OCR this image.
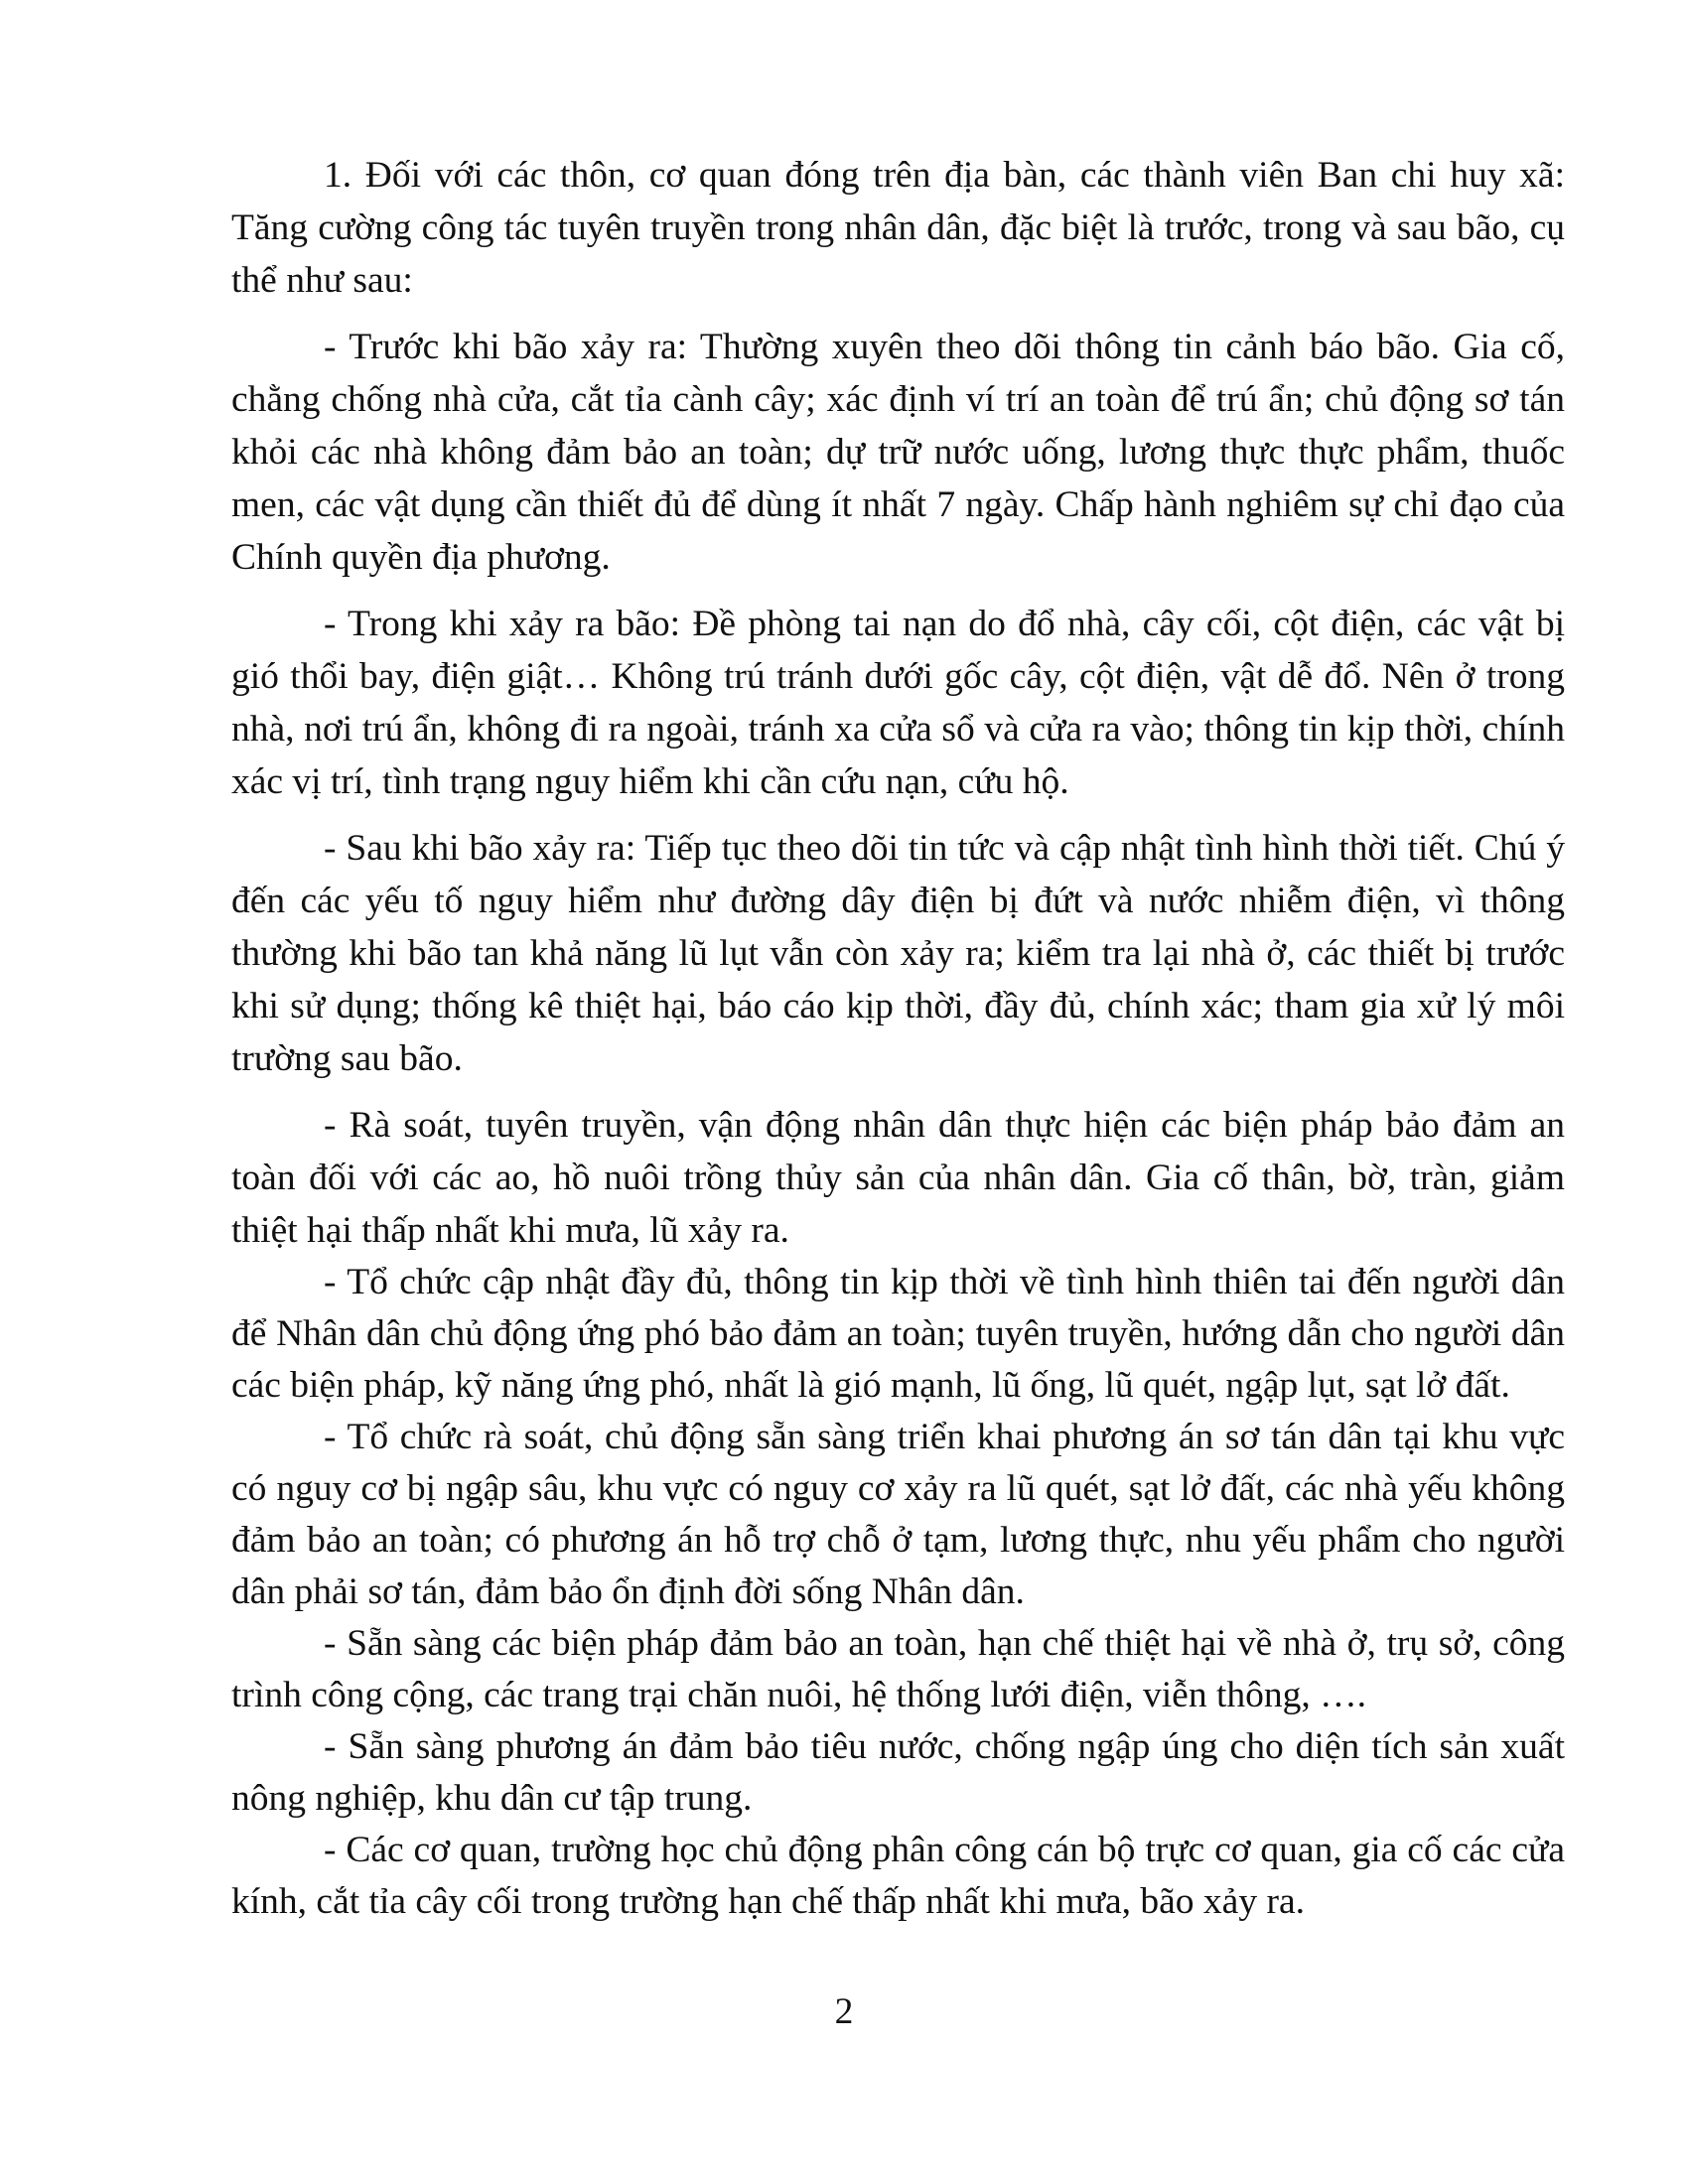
1. Đối với các thôn, cơ quan đóng trên địa bàn, các thành viên Ban chi huy xã: Tăng cường công tác tuyên truyền trong nhân dân, đặc biệt là trước, trong và sau bão, cụ thể như sau:

- Trước khi bão xảy ra: Thường xuyên theo dõi thông tin cảnh báo bão. Gia cố, chằng chống nhà cửa, cắt tỉa cành cây; xác định ví trí an toàn để trú ẩn; chủ động sơ tán khỏi các nhà không đảm bảo an toàn; dự trữ nước uống, lương thực thực phẩm, thuốc men, các vật dụng cần thiết đủ để dùng ít nhất 7 ngày. Chấp hành nghiêm sự chỉ đạo của Chính quyền địa phương.

- Trong khi xảy ra bão: Đề phòng tai nạn do đổ nhà, cây cối, cột điện, các vật bị gió thổi bay, điện giật… Không trú tránh dưới gốc cây, cột điện, vật dễ đổ. Nên ở trong nhà, nơi trú ẩn, không đi ra ngoài, tránh xa cửa sổ và cửa ra vào; thông tin kịp thời, chính xác vị trí, tình trạng nguy hiểm khi cần cứu nạn, cứu hộ.

- Sau khi bão xảy ra: Tiếp tục theo dõi tin tức và cập nhật tình hình thời tiết. Chú ý đến các yếu tố nguy hiểm như đường dây điện bị đứt và nước nhiễm điện, vì thông thường khi bão tan khả năng lũ lụt vẫn còn xảy ra; kiểm tra lại nhà ở, các thiết bị trước khi sử dụng; thống kê thiệt hại, báo cáo kịp thời, đầy đủ, chính xác; tham gia xử lý môi trường sau bão.

- Rà soát, tuyên truyền, vận động nhân dân thực hiện các biện pháp bảo đảm an toàn đối với các ao, hồ nuôi trồng thủy sản của nhân dân. Gia cố thân, bờ, tràn, giảm thiệt hại thấp nhất khi mưa, lũ xảy ra.

- Tổ chức cập nhật đầy đủ, thông tin kịp thời về tình hình thiên tai đến người dân để Nhân dân chủ động ứng phó bảo đảm an toàn; tuyên truyền, hướng dẫn cho người dân các biện pháp, kỹ năng ứng phó, nhất là gió mạnh, lũ ống, lũ quét, ngập lụt, sạt lở đất.

- Tổ chức rà soát, chủ động sẵn sàng triển khai phương án sơ tán dân tại khu vực có nguy cơ bị ngập sâu, khu vực có nguy cơ xảy ra lũ quét, sạt lở đất, các nhà yếu không đảm bảo an toàn; có phương án hỗ trợ chỗ ở tạm, lương thực, nhu yếu phẩm cho người dân phải sơ tán, đảm bảo ổn định đời sống Nhân dân.

- Sẵn sàng các biện pháp đảm bảo an toàn, hạn chế thiệt hại về nhà ở, trụ sở, công trình công cộng, các trang trại chăn nuôi, hệ thống lưới điện, viễn thông, ….

- Sẵn sàng phương án đảm bảo tiêu nước, chống ngập úng cho diện tích sản xuất nông nghiệp, khu dân cư tập trung.

- Các cơ quan, trường học chủ động phân công cán bộ trực cơ quan, gia cố các cửa kính, cắt tỉa cây cối trong trường hạn chế thấp nhất khi mưa, bão xảy ra.

2
